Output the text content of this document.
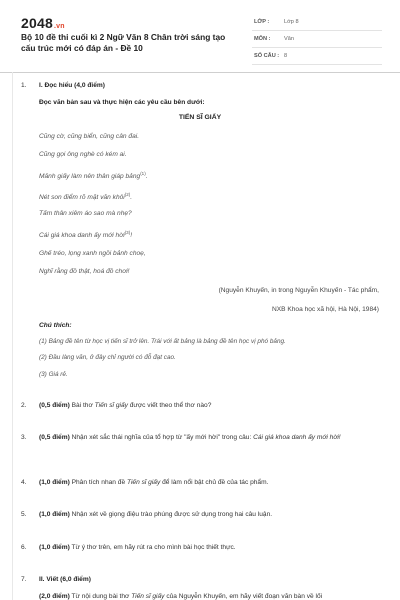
2048.vn
Bộ 10 đề thi cuối kì 2 Ngữ Văn 8 Chân trời sáng tạo cấu trúc mới có đáp án - Đề 10
LỚP :	Lớp 8
MÔN : Văn
SỐ CÂU : 8
1. I. Đọc hiểu (4,0 điểm)
Đọc văn bản sau và thực hiện các yêu cầu bên dưới:
TIẾN SĨ GIẤY
Cũng cờ, cũng biển, cũng cân đai.
Cũng gọi ông nghè có kém ai.
Mảnh giấy làm nên thân giáp bảng$^{(1)}$.
Nét son điểm rõ mặt văn khôi$^{(2)}$.
Tấm thân xiêm áo sao mà nhẹ?
Cái giá khoa danh ấy mới hời$^{(3)}$!
Ghế tréo, lọng xanh ngồi bảnh choẹ,
Nghĩ rằng đồ thật, hoá đồ chơi!
(Nguyễn Khuyến, in trong Nguyễn Khuyến - Tác phẩm,
NXB Khoa học xã hội, Hà Nội, 1984)
Chú thích:
(1) Bảng đề tên từ học vị tiến sĩ trở lên. Trái với ất bảng là bảng đề tên học vị phó bảng.
(2) Đầu làng văn, ở đây chỉ người có đỗ đạt cao.
(3) Giá rẻ.
2. (0,5 điểm) Bài thơ Tiến sĩ giấy được viết theo thể thơ nào?
3. (0,5 điểm) Nhận xét sắc thái nghĩa của tổ hợp từ "ấy mới hời" trong câu: Cái giá khoa danh ấy mới hời!
4. (1,0 điểm) Phân tích nhan đề Tiến sĩ giấy để làm nổi bật chủ đề của tác phẩm.
5. (1,0 điểm) Nhận xét về giọng điệu trào phúng được sử dụng trong hai câu luận.
6. (1,0 điểm) Từ ý thơ trên, em hãy rút ra cho mình bài học thiết thực.
7. II. Viết (6,0 điểm)
(2,0 điểm) Từ nội dung bài thơ Tiến sĩ giấy của Nguyễn Khuyến, em hãy viết đoạn văn bàn về lối
